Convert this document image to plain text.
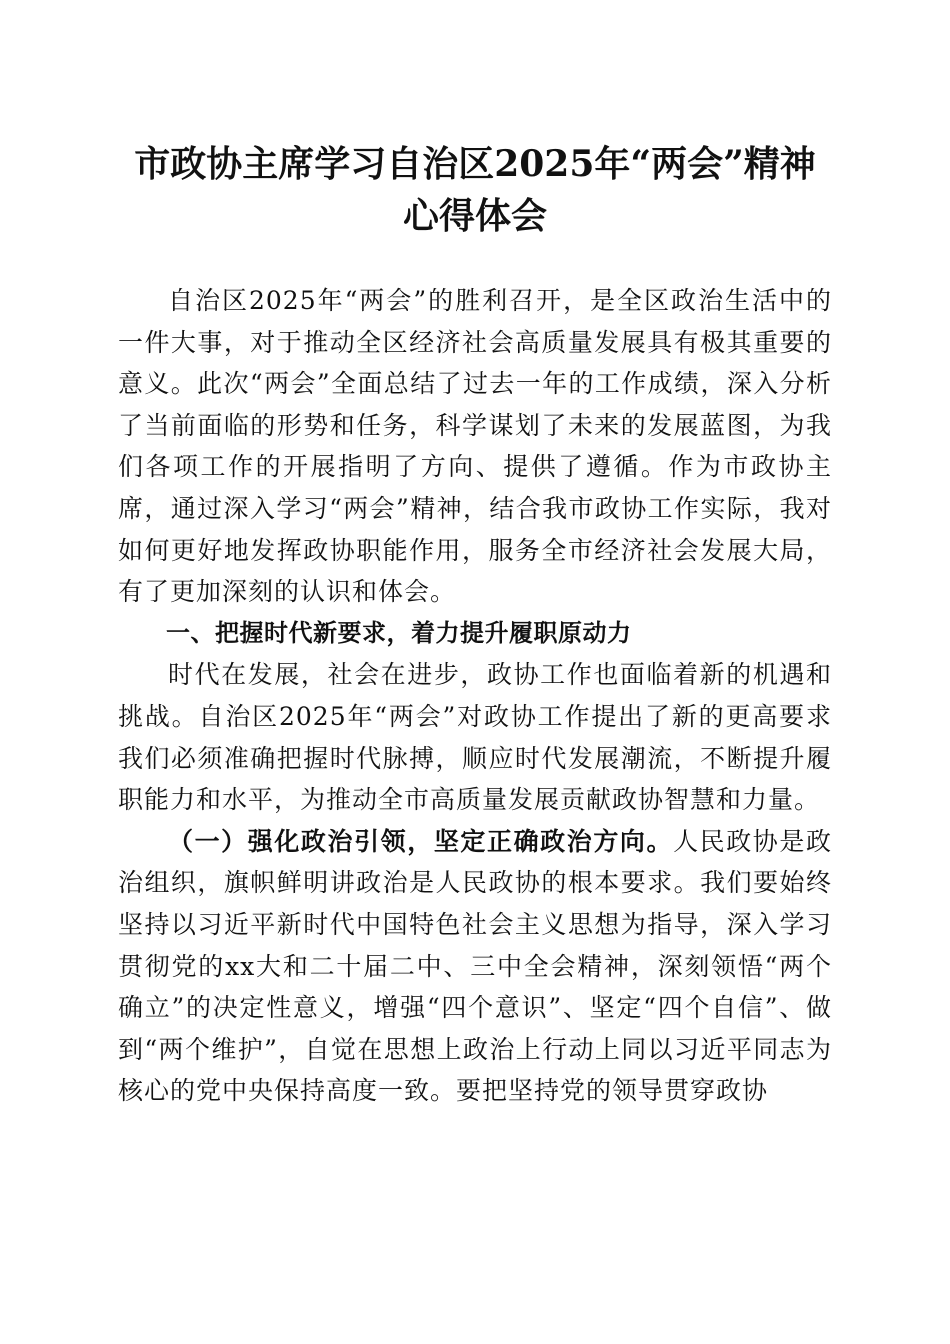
市政协主席学习自治区2025年“两会”精神
心得体会

自治区2025年“两会”的胜利召开，是全区政治生活中的一件大事，对于推动全区经济社会高质量发展具有极其重要的意义。此次“两会”全面总结了过去一年的工作成绩，深入分析了当前面临的形势和任务，科学谋划了未来的发展蓝图，为我们各项工作的开展指明了方向、提供了遵循。作为市政协主席，通过深入学习“两会”精神，结合我市政协工作实际，我对如何更好地发挥政协职能作用，服务全市经济社会发展大局，有了更加深刻的认识和体会。

一、把握时代新要求，着力提升履职原动力

时代在发展，社会在进步，政协工作也面临着新的机遇和挑战。自治区2025年“两会”对政协工作提出了新的更高要求我们必须准确把握时代脉搏，顺应时代发展潮流，不断提升履职能力和水平，为推动全市高质量发展贡献政协智慧和力量。

（一）强化政治引领，坚定正确政治方向。人民政协是政治组织，旗帜鲜明讲政治是人民政协的根本要求。我们要始终坚持以习近平新时代中国特色社会主义思想为指导，深入学习贯彻党的xx大和二十届二中、三中全会精神，深刻领悟“两个确立”的决定性意义，增强“四个意识”、坚定“四个自信”、做到“两个维护”，自觉在思想上政治上行动上同以习近平同志为核心的党中央保持高度一致。要把坚持党的领导贯穿政协
